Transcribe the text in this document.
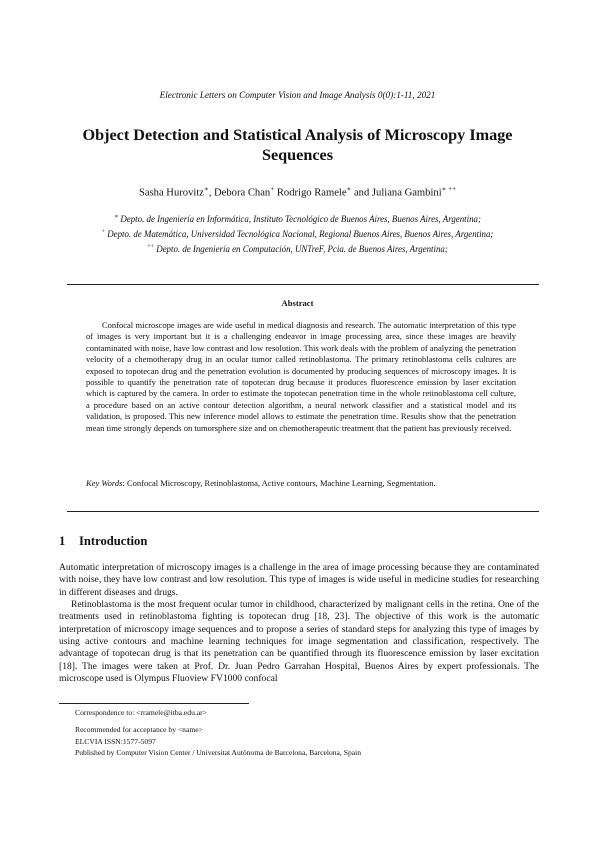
Electronic Letters on Computer Vision and Image Analysis 0(0):1-11, 2021
Object Detection and Statistical Analysis of Microscopy Image
Sequences
Sasha Hurovitz∗, Debora Chan+ Rodrigo Ramele∗ and Juliana Gambini∗ ++
∗ Depto. de Ingeniería en Informática, Instituto Tecnológico de Buenos Aires, Buenos Aires, Argentina;
+ Depto. de Matemática, Universidad Tecnológica Nacional, Regional Buenos Aires, Buenos Aires, Argentina;
++ Depto. de Ingeniería en Computación, UNTreF, Pcia. de Buenos Aires, Argentina;
Abstract

Confocal microscope images are wide useful in medical diagnosis and research. The automatic interpretation of this type of images is very important but it is a challenging endeavor in image processing area, since these images are heavily contaminated with noise, have low contrast and low resolution. This work deals with the problem of analyzing the penetration velocity of a chemotherapy drug in an ocular tumor called retinoblastoma. The primary retinoblastoma cells cultures are exposed to topotecan drug and the penetration evolution is documented by producing sequences of microscopy images. It is possible to quantify the penetration rate of topotecan drug because it produces fluorescence emission by laser excitation which is captured by the camera. In order to estimate the topotecan penetration time in the whole retinoblastoma cell culture, a procedure based on an active contour detection algorithm, a neural network classifier and a statistical model and its validation, is proposed. This new inference model allows to estimate the penetration time. Results show that the penetration mean time strongly depends on tumorsphere size and on chemotherapeutic treatment that the patient has previously received.

Key Words: Confocal Microscopy, Retinoblastoma, Active contours, Machine Learning, Segmentation.
1 Introduction

Automatic interpretation of microscopy images is a challenge in the area of image processing because they are contaminated with noise, they have low contrast and low resolution. This type of images is wide useful in medicine studies for researching in different diseases and drugs.

Retinoblastoma is the most frequent ocular tumor in childhood, characterized by malignant cells in the retina. One of the treatments used in retinoblastoma fighting is topotecan drug [18, 23]. The objective of this work is the automatic interpretation of microscopy image sequences and to propose a series of standard steps for analyzing this type of images by using active contours and machine learning techniques for image segmentation and classification, respectively. The advantage of topotecan drug is that its penetration can be quantified through its fluorescence emission by laser excitation [18]. The images were taken at Prof. Dr. Juan Pedro Garrahan Hospital, Buenos Aires by expert professionals. The microscope used is Olympus Fluoview FV1000 confocal

Correspondence to: <rramele@itba.edu.ar>
Recommended for acceptance by <name>
ELCVIA ISSN:1577-5097
Published by Computer Vision Center / Universitat Autònoma de Barcelona, Barcelona, Spain
